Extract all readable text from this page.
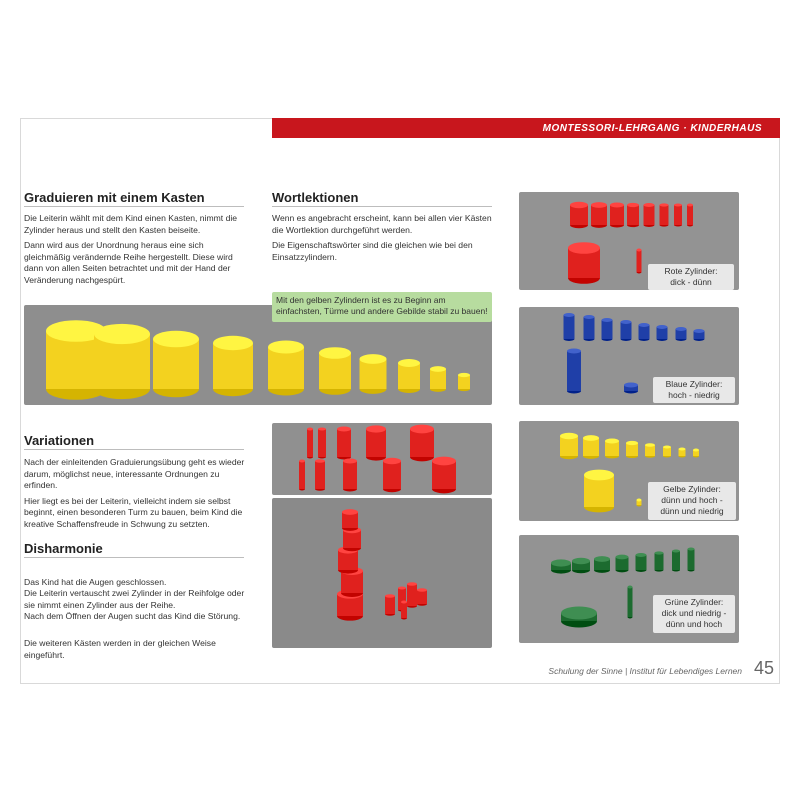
MONTESSORI-LEHRGANG · KINDERHAUS
Graduieren mit einem Kasten

Die Leiterin wählt mit dem Kind einen Kasten, nimmt die Zylinder heraus und stellt den Kasten beiseite.

Dann wird aus der Unordnung heraus eine sich gleichmäßig verändernde Reihe hergestellt. Diese wird dann von allen Seiten betrachtet und mit der Hand der Veränderung nachgespürt.

Wortlektionen

Wenn es angebracht erscheint, kann bei allen vier Kästen die Wortlektion durchgeführt werden.

Die Eigenschaftswörter sind die gleichen wie bei den Einsatzzylindern.

Mit den gelben Zylindern ist es zu Beginn am einfachsten, Türme und andere Gebilde stabil zu bauen!
Variationen

Nach der einleitenden Graduierungsübung geht es wieder darum, möglichst neue, interessante Ordnungen zu erfinden.

Hier liegt es bei der Leiterin, vielleicht indem sie selbst beginnt, einen besonderen Turm zu bauen, beim Kind die kreative Schaffensfreude in Schwung zu setzten.

Disharmonie

Das Kind hat die Augen geschlossen.
Die Leiterin vertauscht zwei Zylinder in der Reihfolge oder sie nimmt einen Zylinder aus der Reihe.
Nach dem Öffnen der Augen sucht das Kind die Störung.

Die weiteren Kästen werden in der gleichen Weise eingeführt.

Rote Zylinder:
dick - dünn
Blaue Zylinder:
hoch - niedrig
Gelbe Zylinder:
dünn und hoch -
dünn und niedrig
Grüne Zylinder:
dick und niedrig -
dünn und hoch
Schulung der Sinne | Institut für Lebendiges Lernen 45
